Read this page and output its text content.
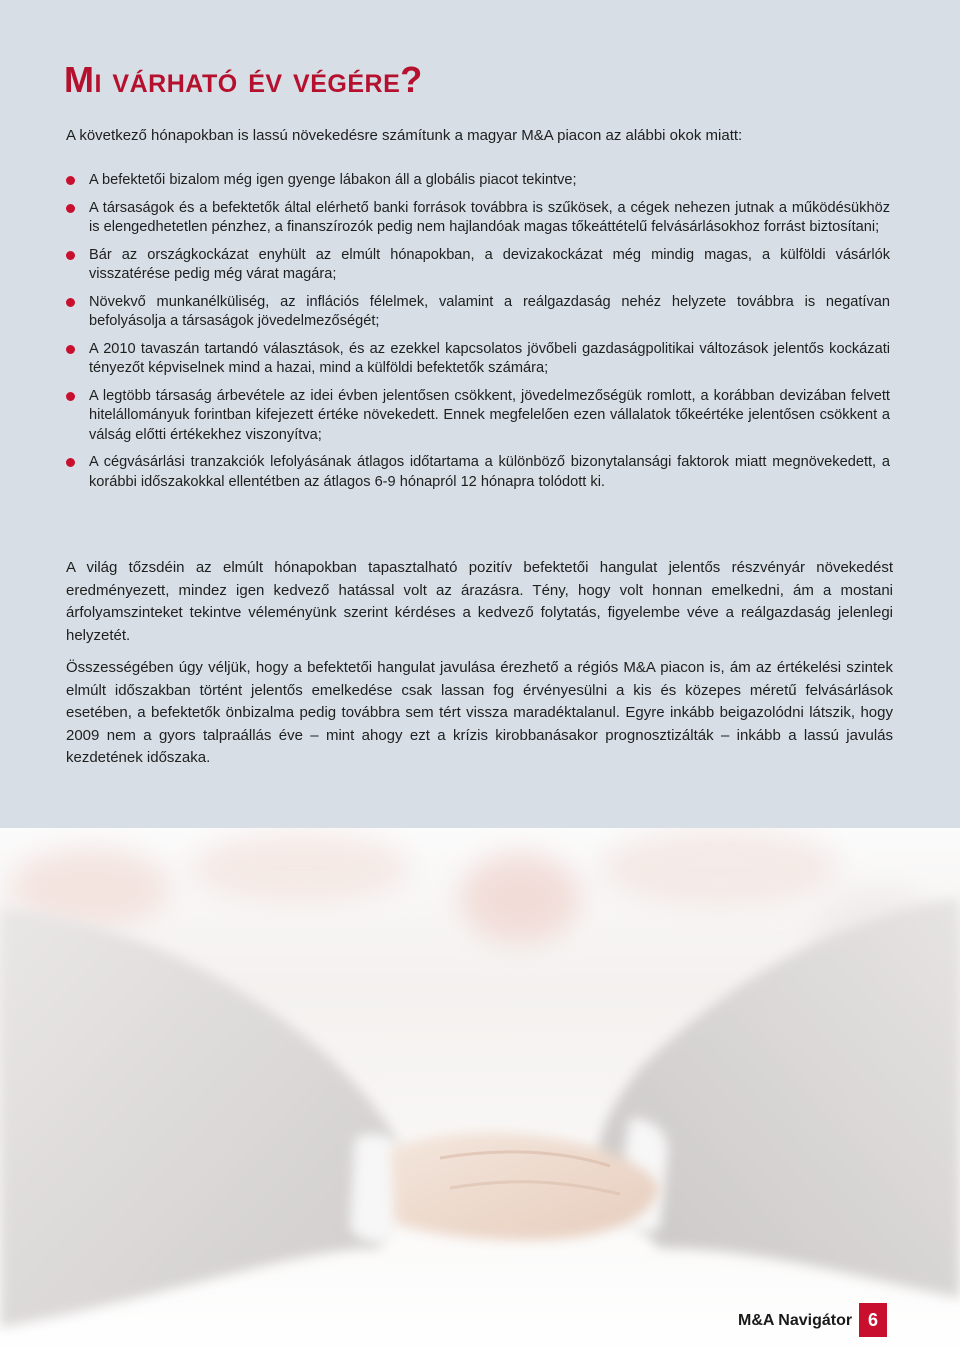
Mi várható év végére?

A következő hónapokban is lassú növekedésre számítunk a magyar M&A piacon az alábbi okok miatt:

A befektetői bizalom még igen gyenge lábakon áll a globális piacot tekintve;
A társaságok és a befektetők által elérhető banki források továbbra is szűkösek, a cégek nehezen jutnak a működésükhöz is elengedhetetlen pénzhez, a finanszírozók pedig nem hajlandóak magas tőkeáttételű felvásárlásokhoz forrást biztosítani;
Bár az országkockázat enyhült az elmúlt hónapokban, a devizakockázat még mindig magas, a külföldi vásárlók visszatérése pedig még várat magára;
Növekvő munkanélküliség, az inflációs félelmek, valamint a reálgazdaság nehéz helyzete továbbra is negatívan befolyásolja a társaságok jövedelmezőségét;
A 2010 tavaszán tartandó választások, és az ezekkel kapcsolatos jövőbeli gazdaságpolitikai változások jelentős kockázati tényezőt képviselnek mind a hazai, mind a külföldi befektetők számára;
A legtöbb társaság árbevétele az idei évben jelentősen csökkent, jövedelmezőségük romlott, a korábban devizában felvett hitelállományuk forintban kifejezett értéke növekedett. Ennek megfelelően ezen vállalatok tőkeértéke jelentősen csökkent a válság előtti értékekhez viszonyítva;
A cégvásárlási tranzakciók lefolyásának átlagos időtartama a különböző bizonytalansági faktorok miatt megnövekedett, a korábbi időszakokkal ellentétben az átlagos 6-9 hónapról 12 hónapra tolódott ki.

A világ tőzsdéin az elmúlt hónapokban tapasztalható pozitív befektetői hangulat jelentős részvényár növekedést eredményezett, mindez igen kedvező hatással volt az árazásra. Tény, hogy volt honnan emelkedni, ám a mostani árfolyamszinteket tekintve véleményünk szerint kérdéses a kedvező folytatás, figyelembe véve a reálgazdaság jelenlegi helyzetét.

Összességében úgy véljük, hogy a befektetői hangulat javulása érezhető a régiós M&A piacon is, ám az értékelési szintek elmúlt időszakban történt jelentős emelkedése csak lassan fog érvényesülni a kis és közepes méretű felvásárlások esetében, a befektetők önbizalma pedig továbbra sem tért vissza maradéktalanul. Egyre inkább beigazolódni látszik, hogy 2009 nem a gyors talpraállás éve – mint ahogy ezt a krízis kirobbanásakor prognosztizálták – inkább a lassú javulás kezdetének időszaka.

M&A Navigátor 6
